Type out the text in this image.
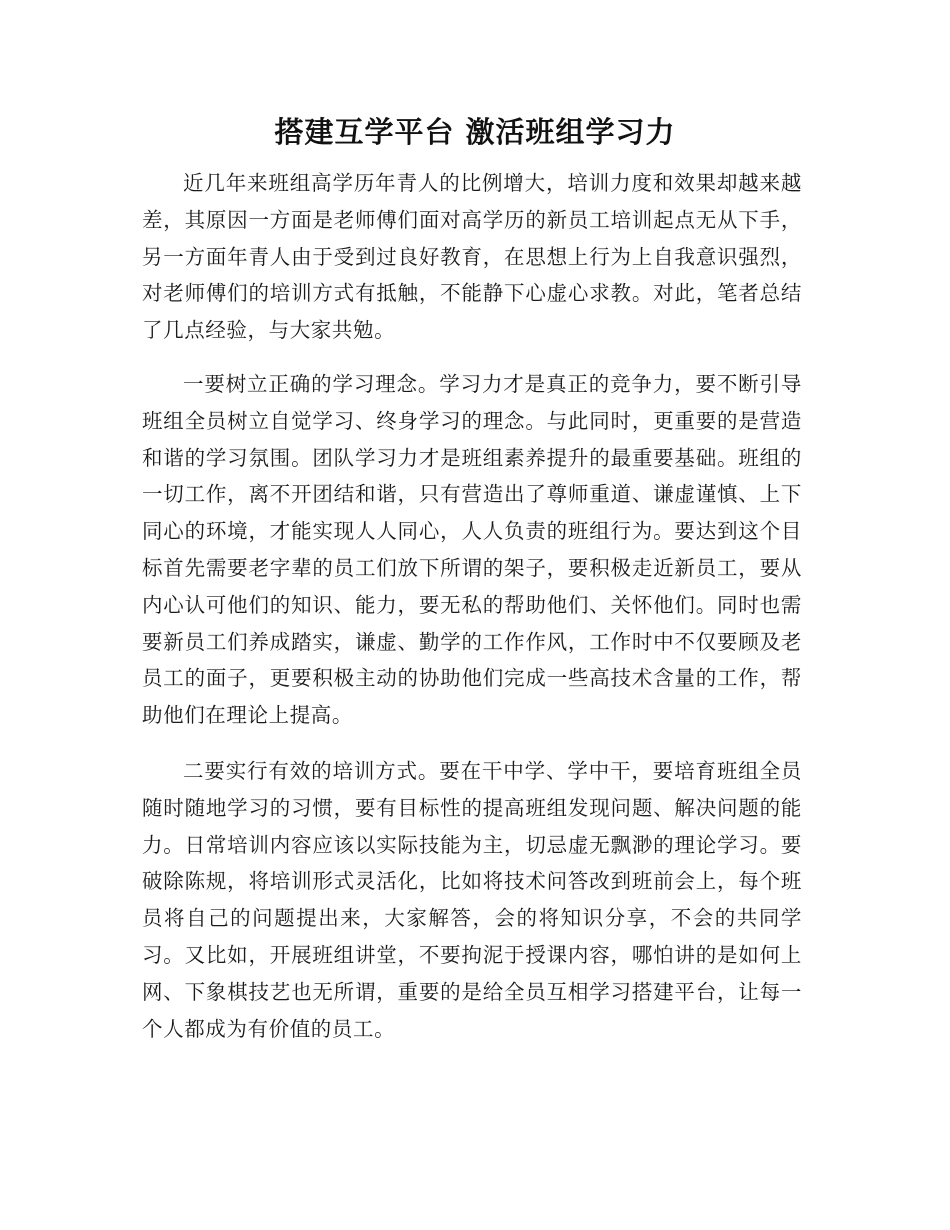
搭建互学平台 激活班组学习力

近几年来班组高学历年青人的比例增大，培训力度和效果却越来越差，其原因一方面是老师傅们面对高学历的新员工培训起点无从下手，另一方面年青人由于受到过良好教育，在思想上行为上自我意识强烈，对老师傅们的培训方式有抵触，不能静下心虚心求教。对此，笔者总结了几点经验，与大家共勉。

一要树立正确的学习理念。学习力才是真正的竞争力，要不断引导班组全员树立自觉学习、终身学习的理念。与此同时，更重要的是营造和谐的学习氛围。团队学习力才是班组素养提升的最重要基础。班组的一切工作，离不开团结和谐，只有营造出了尊师重道、谦虚谨慎、上下同心的环境，才能实现人人同心，人人负责的班组行为。要达到这个目标首先需要老字辈的员工们放下所谓的架子，要积极走近新员工，要从内心认可他们的知识、能力，要无私的帮助他们、关怀他们。同时也需要新员工们养成踏实，谦虚、勤学的工作作风，工作时中不仅要顾及老员工的面子，更要积极主动的协助他们完成一些高技术含量的工作，帮助他们在理论上提高。

二要实行有效的培训方式。要在干中学、学中干，要培育班组全员随时随地学习的习惯，要有目标性的提高班组发现问题、解决问题的能力。日常培训内容应该以实际技能为主，切忌虚无飘渺的理论学习。要破除陈规，将培训形式灵活化，比如将技术问答改到班前会上，每个班员将自己的问题提出来，大家解答，会的将知识分享，不会的共同学习。又比如，开展班组讲堂，不要拘泥于授课内容，哪怕讲的是如何上网、下象棋技艺也无所谓，重要的是给全员互相学习搭建平台，让每一个人都成为有价值的员工。
